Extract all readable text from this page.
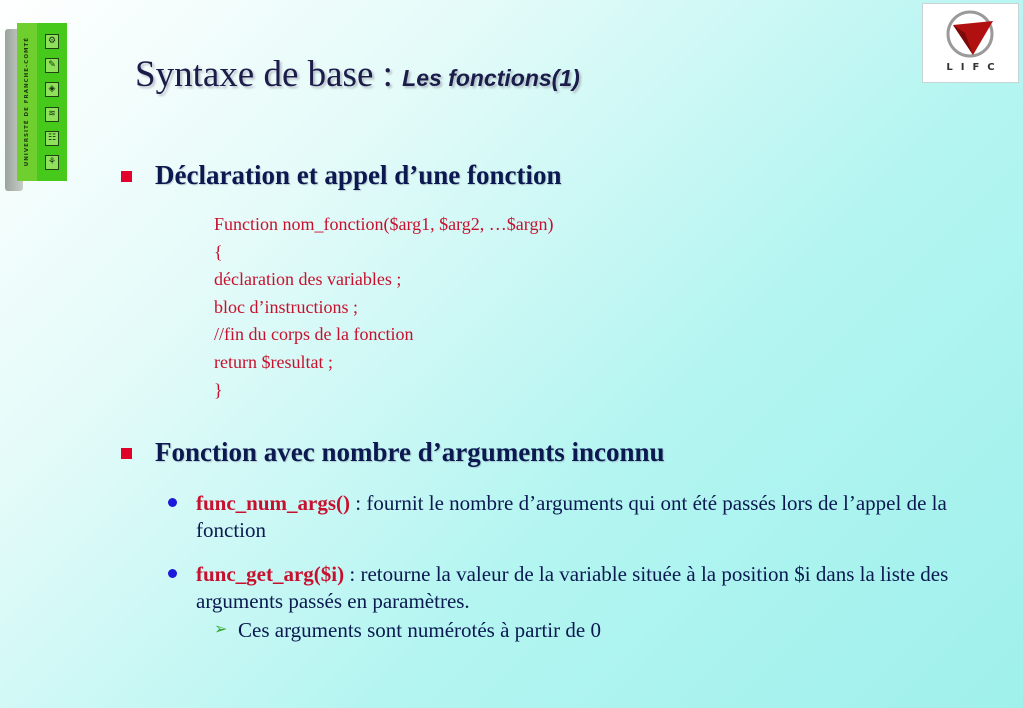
UNIVERSITÉ DE FRANCHE-COMTÉ	⚙
✎
◈
≋
☷
⚘
LIFC
Syntaxe de base : Les fonctions(1)
Déclaration et appel d’une fonction
Function nom_fonction($arg1, $arg2, …$argn)
{
déclaration des variables ;
bloc d’instructions ;
//fin du corps de la fonction
return $resultat ;
}
Fonction avec nombre d’arguments inconnu
func_num_args() : fournit le nombre d’arguments qui ont été passés lors de l’appel de la fonction
func_get_arg($i) : retourne la valeur de la variable située à la position $i dans la liste des arguments passés en paramètres.
➢ Ces arguments sont numérotés à partir de 0
